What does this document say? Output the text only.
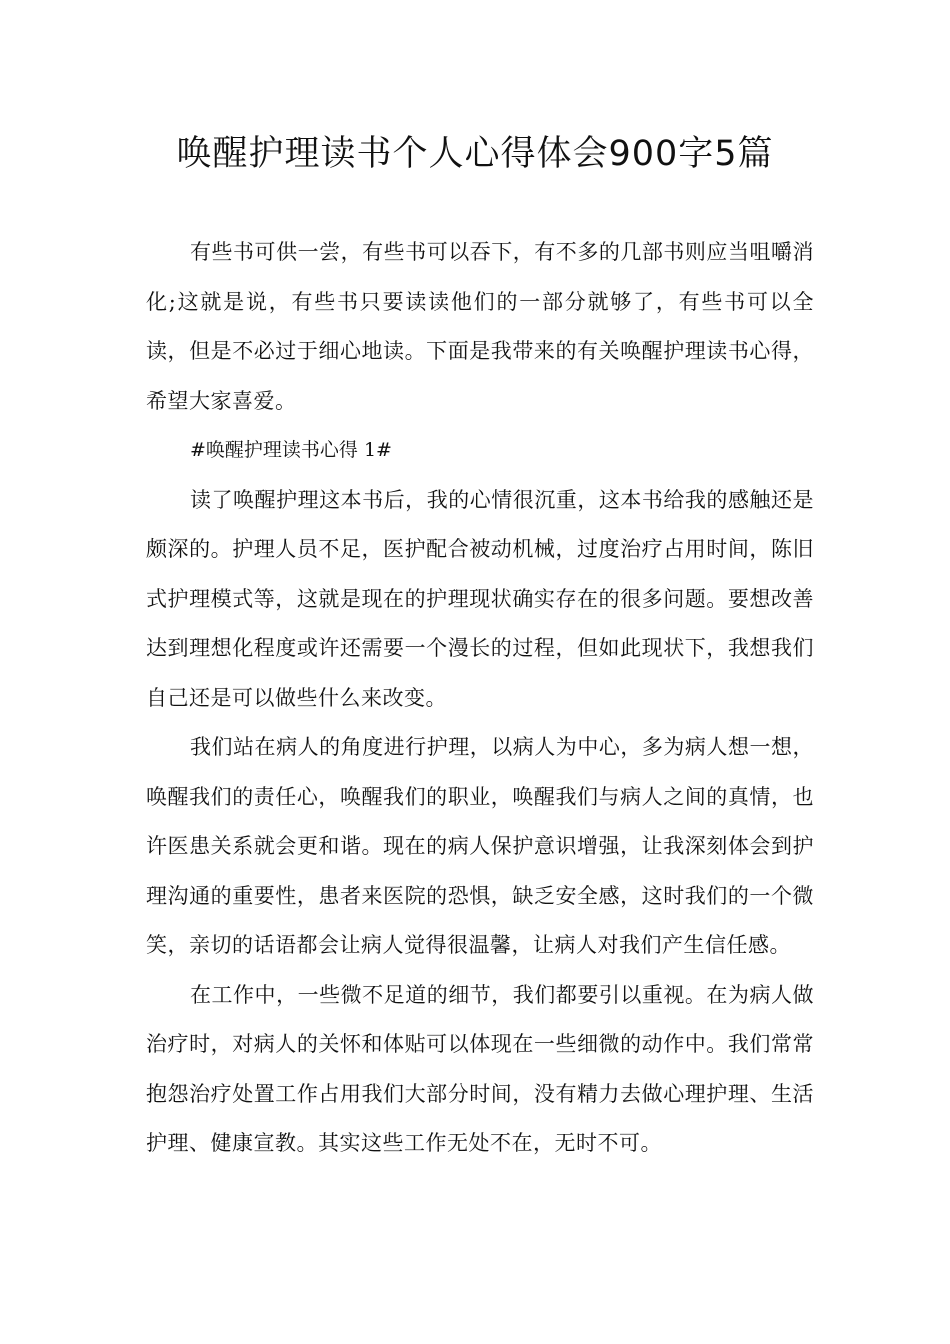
唤醒护理读书个人心得体会900字5篇

有些书可供一尝，有些书可以吞下，有不多的几部书则应当咀嚼消化;这就是说，有些书只要读读他们的一部分就够了，有些书可以全读，但是不必过于细心地读。下面是我带来的有关唤醒护理读书心得，希望大家喜爱。

#唤醒护理读书心得 1#

读了唤醒护理这本书后，我的心情很沉重，这本书给我的感触还是颇深的。护理人员不足，医护配合被动机械，过度治疗占用时间，陈旧式护理模式等，这就是现在的护理现状确实存在的很多问题。要想改善达到理想化程度或许还需要一个漫长的过程，但如此现状下，我想我们自己还是可以做些什么来改变。

我们站在病人的角度进行护理，以病人为中心，多为病人想一想，唤醒我们的责任心，唤醒我们的职业，唤醒我们与病人之间的真情，也许医患关系就会更和谐。现在的病人保护意识增强，让我深刻体会到护理沟通的重要性，患者来医院的恐惧，缺乏安全感，这时我们的一个微笑，亲切的话语都会让病人觉得很温馨，让病人对我们产生信任感。

在工作中，一些微不足道的细节，我们都要引以重视。在为病人做治疗时，对病人的关怀和体贴可以体现在一些细微的动作中。我们常常抱怨治疗处置工作占用我们大部分时间，没有精力去做心理护理、生活护理、健康宣教。其实这些工作无处不在，无时不可。
